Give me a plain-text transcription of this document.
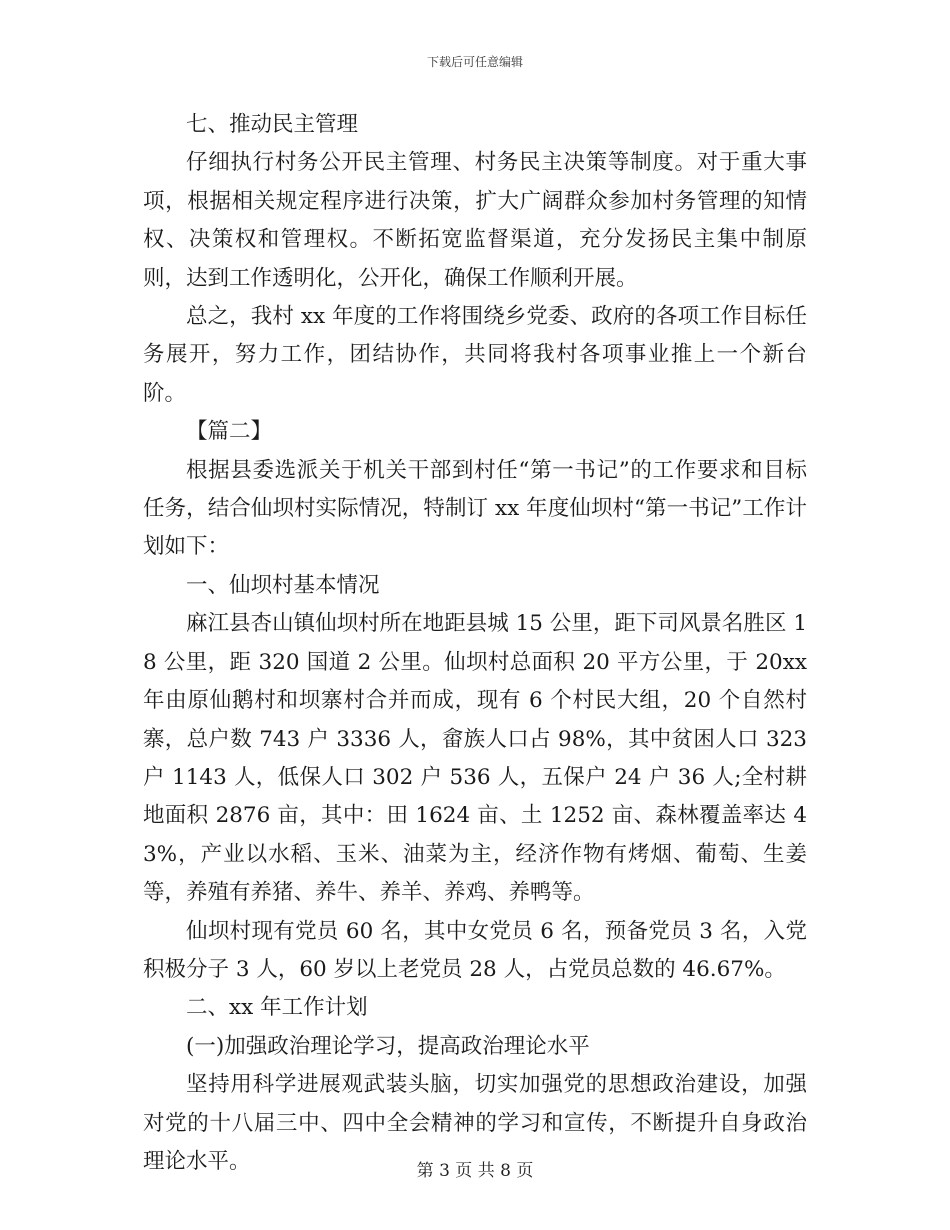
下载后可任意编辑

七、推动民主管理

仔细执行村务公开民主管理、村务民主决策等制度。对于重大事项，根据相关规定程序进行决策，扩大广阔群众参加村务管理的知情权、决策权和管理权。不断拓宽监督渠道，充分发扬民主集中制原则，达到工作透明化，公开化，确保工作顺利开展。

总之，我村 xx 年度的工作将围绕乡党委、政府的各项工作目标任务展开，努力工作，团结协作，共同将我村各项事业推上一个新台阶。

【篇二】

根据县委选派关于机关干部到村任“第一书记”的工作要求和目标任务，结合仙坝村实际情况，特制订 xx 年度仙坝村“第一书记”工作计划如下：

一、仙坝村基本情况

麻江县杏山镇仙坝村所在地距县城 15 公里，距下司风景名胜区 18 公里，距 320 国道 2 公里。仙坝村总面积 20 平方公里，于 20xx 年由原仙鹅村和坝寨村合并而成，现有 6 个村民大组，20 个自然村寨，总户数 743 户 3336 人，畲族人口占 98%，其中贫困人口 323 户 1143 人，低保人口 302 户 536 人，五保户 24 户 36 人;全村耕地面积 2876 亩，其中：田 1624 亩、土 1252 亩、森林覆盖率达 43%，产业以水稻、玉米、油菜为主，经济作物有烤烟、葡萄、生姜等，养殖有养猪、养牛、养羊、养鸡、养鸭等。

仙坝村现有党员 60 名，其中女党员 6 名，预备党员 3 名，入党积极分子 3 人，60 岁以上老党员 28 人，占党员总数的 46.67%。

二、xx 年工作计划

(一)加强政治理论学习，提高政治理论水平

坚持用科学进展观武装头脑，切实加强党的思想政治建设，加强对党的十八届三中、四中全会精神的学习和宣传，不断提升自身政治理论水平。	第 3 页 共 8 页
